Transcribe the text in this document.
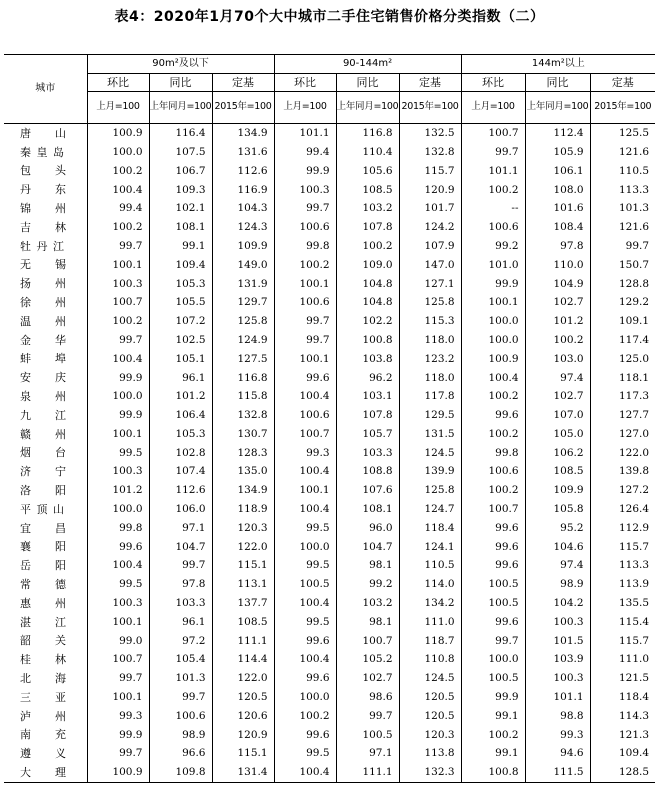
表4：2020年1月70个大中城市二手住宅销售价格分类指数（二）
城市	90m²及以下			90-144m²			144m²以上		
	环比	同比	定基	环比	同比	定基	环比	同比	定基
	上月=100	上年同月=100	2015年=100	上月=100	上年同月=100	2015年=100	上月=100	上年同月=100	2015年=100

唐 山	100.9	116.4	134.9	101.1	116.8	132.5	100.7	112.4	125.5

秦 皇 岛	100.0	107.5	131.6	99.4	110.4	132.8	99.7	105.9	121.6

包 头	100.2	106.7	112.6	99.9	105.6	115.7	101.1	106.1	110.5

丹 东	100.4	109.3	116.9	100.3	108.5	120.9	100.2	108.0	113.3

锦 州	99.4	102.1	104.3	99.7	103.2	101.7	--	101.6	101.3

吉 林	100.2	108.1	124.3	100.6	107.8	124.2	100.6	108.4	121.6

牡 丹 江	99.7	99.1	109.9	99.8	100.2	107.9	99.2	97.8	99.7

无 锡	100.1	109.4	149.0	100.2	109.0	147.0	101.0	110.0	150.7

扬 州	100.3	105.3	131.9	100.1	104.8	127.1	99.9	104.9	128.8

徐 州	100.7	105.5	129.7	100.6	104.8	125.8	100.1	102.7	129.2

温 州	100.2	107.2	125.8	99.7	102.2	115.3	100.0	101.2	109.1

金 华	99.7	102.5	124.9	99.7	100.8	118.0	100.0	100.2	117.4

蚌 埠	100.4	105.1	127.5	100.1	103.8	123.2	100.9	103.0	125.0

安 庆	99.9	96.1	116.8	99.6	96.2	118.0	100.4	97.4	118.1

泉 州	100.0	101.2	115.8	100.4	103.1	117.8	100.2	102.7	117.3

九 江	99.9	106.4	132.8	100.6	107.8	129.5	99.6	107.0	127.7

赣 州	100.1	105.3	130.7	100.7	105.7	131.5	100.2	105.0	127.0

烟 台	99.5	102.8	128.3	99.3	103.3	124.5	99.8	106.2	122.0

济 宁	100.3	107.4	135.0	100.4	108.8	139.9	100.6	108.5	139.8

洛 阳	101.2	112.6	134.9	100.1	107.6	125.8	100.2	109.9	127.2

平 顶 山	100.0	106.0	118.9	100.4	108.1	124.7	100.7	105.8	126.4

宜 昌	99.8	97.1	120.3	99.5	96.0	118.4	99.6	95.2	112.9

襄 阳	99.6	104.7	122.0	100.0	104.7	124.1	99.6	104.6	115.7

岳 阳	100.4	99.7	115.1	99.5	98.1	110.5	99.6	97.4	113.3

常 德	99.5	97.8	113.1	100.5	99.2	114.0	100.5	98.9	113.9

惠 州	100.3	103.3	137.7	100.4	103.2	134.2	100.5	104.2	135.5

湛 江	100.1	96.1	108.5	99.5	98.1	111.0	99.6	100.3	115.4

韶 关	99.0	97.2	111.1	99.6	100.7	118.7	99.7	101.5	115.7

桂 林	100.7	105.4	114.4	100.4	105.2	110.8	100.0	103.9	111.0

北 海	99.7	101.3	122.0	99.6	102.7	124.5	100.5	100.3	121.5

三 亚	100.1	99.7	120.5	100.0	98.6	120.5	99.9	101.1	118.4

泸 州	99.3	100.6	120.6	100.2	99.7	120.5	99.1	98.8	114.3

南 充	99.9	98.9	120.9	99.6	100.5	120.3	100.2	99.3	121.3

遵 义	99.7	96.6	115.1	99.5	97.1	113.8	99.1	94.6	109.4

大 理	100.9	109.8	131.4	100.4	111.1	132.3	100.8	111.5	128.5
